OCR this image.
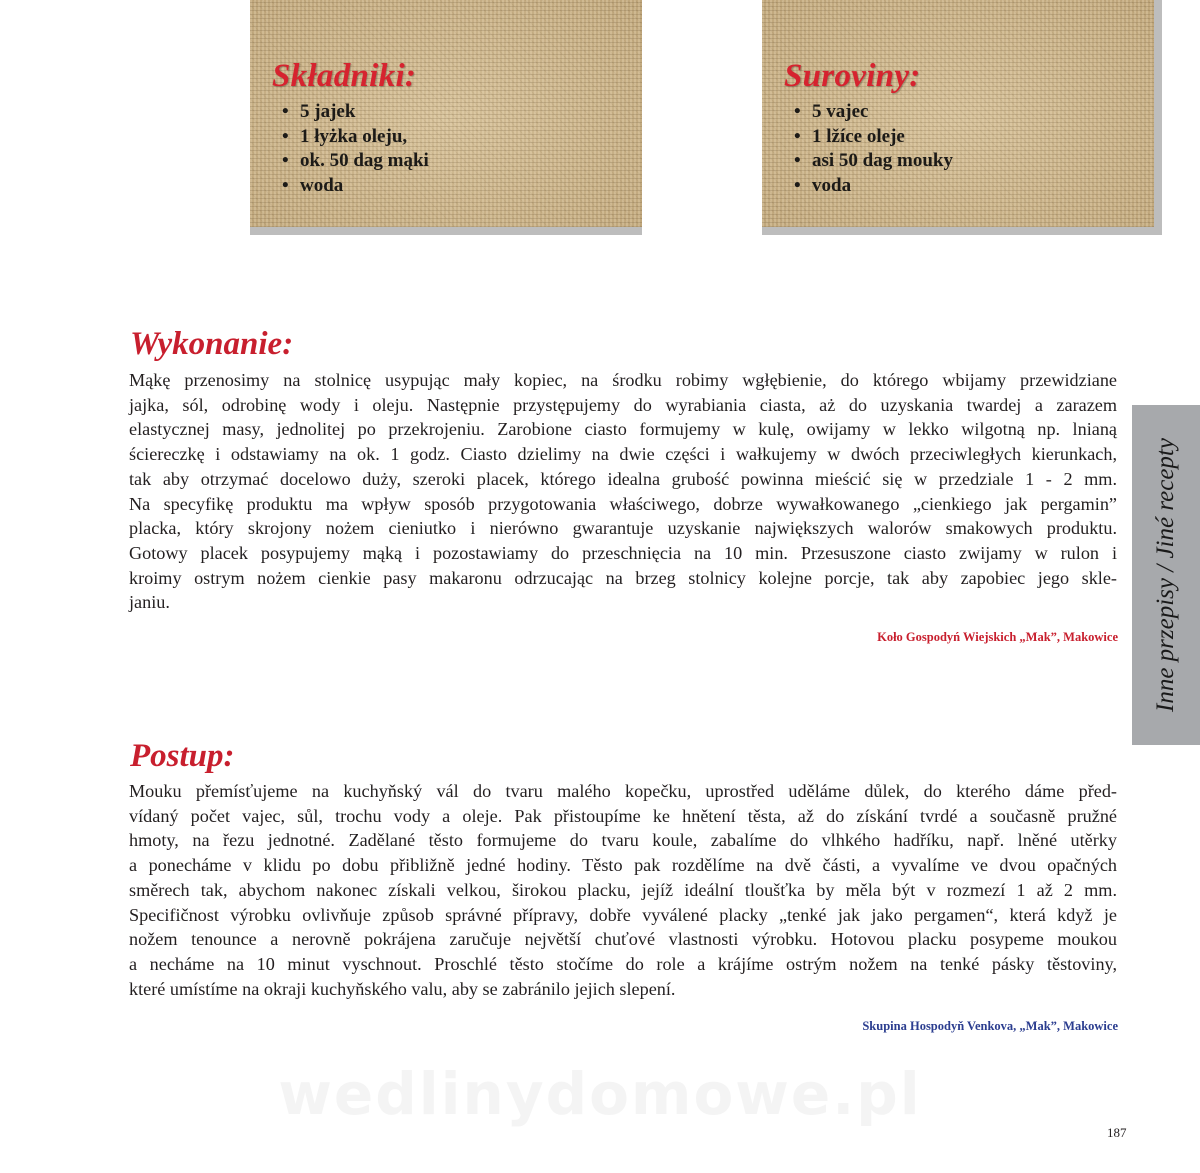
Składniki:
• 5 jajek
• 1 łyżka oleju,
• ok. 50 dag mąki
• woda
Suroviny:
• 5 vajec
• 1 lžíce oleje
• asi 50 dag mouky
• voda
Wykonanie:
Mąkę przenosimy na stolnicę usypując mały kopiec, na środku robimy wgłębienie, do którego wbijamy przewidziane
jajka, sól, odrobinę wody i oleju. Następnie przystępujemy do wyrabiania ciasta, aż do uzyskania twardej a zarazem
elastycznej masy, jednolitej po przekrojeniu. Zarobione ciasto formujemy w kulę, owijamy w lekko wilgotną np. lnianą
ściereczkę i odstawiamy na ok. 1 godz. Ciasto dzielimy na dwie części i wałkujemy w dwóch przeciwległych kierunkach,
tak aby otrzymać docelowo duży, szeroki placek, którego idealna grubość powinna mieścić się w przedziale 1 - 2 mm.
Na specyfikę produktu ma wpływ sposób przygotowania właściwego, dobrze wywałkowanego „cienkiego jak pergamin”
placka, który skrojony nożem cieniutko i nierówno gwarantuje uzyskanie największych walorów smakowych produktu.
Gotowy placek posypujemy mąką i pozostawiamy do przeschnięcia na 10 min. Przesuszone ciasto zwijamy w rulon i
kroimy ostrym nożem cienkie pasy makaronu odrzucając na brzeg stolnicy kolejne porcje, tak aby zapobiec jego skle-
janiu.

Koło Gospodyń Wiejskich „Mak”, Makowice

Postup:
Mouku přemísťujeme na kuchyňský vál do tvaru malého kopečku, uprostřed uděláme důlek, do kterého dáme před-
vídaný počet vajec, sůl, trochu vody a oleje. Pak přistoupíme ke hnětení těsta, až do získání tvrdé a současně pružné
hmoty, na řezu jednotné. Zadělané těsto formujeme do tvaru koule, zabalíme do vlhkého hadříku, např. lněné utěrky
a ponecháme v klidu po dobu přibližně jedné hodiny. Těsto pak rozdělíme na dvě části, a vyvalíme ve dvou opačných
směrech tak, abychom nakonec získali velkou, širokou placku, jejíž ideální tloušťka by měla být v rozmezí 1 až 2 mm.
Specifičnost výrobku ovlivňuje způsob správné přípravy, dobře vyválené placky „tenké jak jako pergamen“, která když je
nožem tenounce a nerovně pokrájena zaručuje největší chuťové vlastnosti výrobku. Hotovou placku posypeme moukou
a necháme na 10 minut vyschnout. Proschlé těsto stočíme do role a krájíme ostrým nožem na tenké pásky těstoviny,
které umístíme na okraji kuchyňského valu, aby se zabránilo jejich slepení.

Skupina Hospodyň Venkova, „Mak”, Makowice

Inne przepisy / Jiné recepty
wedlinydomowe.pl

187
